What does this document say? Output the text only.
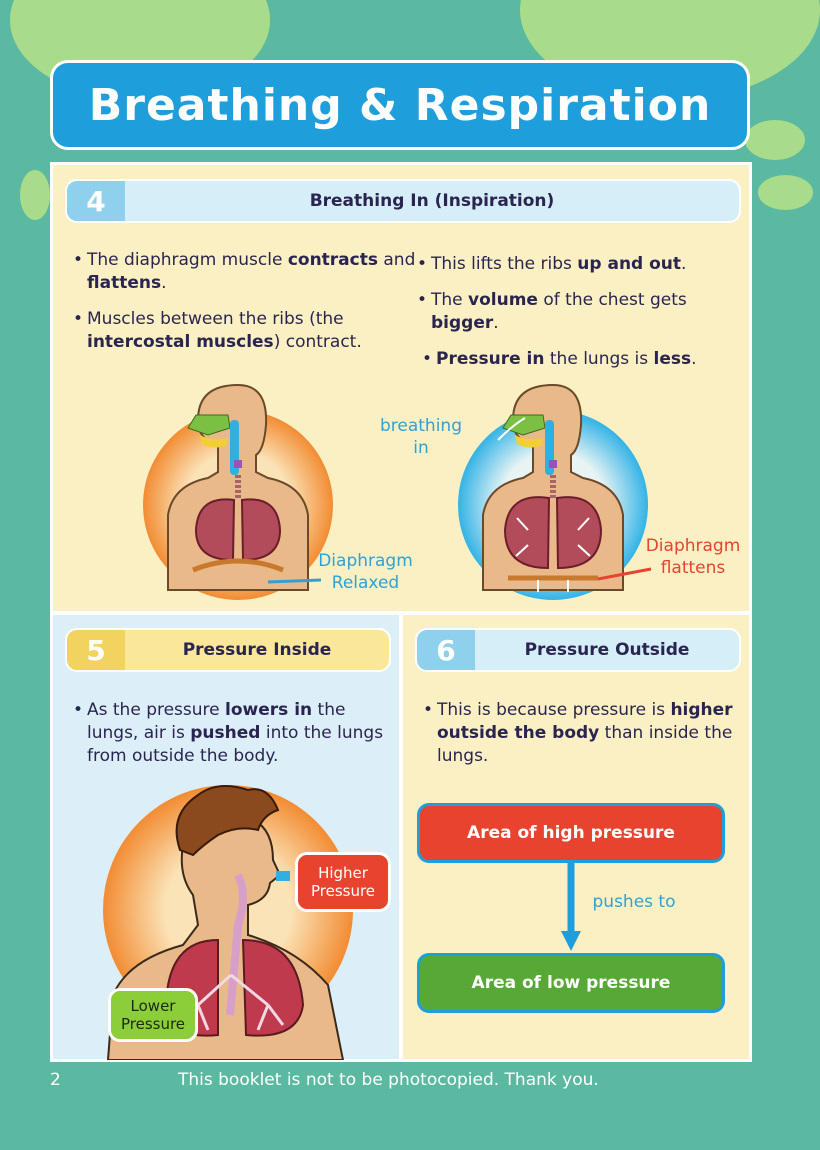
Breathing & Respiration
4	Breathing In (Inspiration)
• The diaphragm muscle contracts and flattens.
• Muscles between the ribs (the intercostal muscles) contract.
• This lifts the ribs up and out.
• The volume of the chest gets bigger.
• Pressure in the lungs is less.
breathing
in
Diaphragm
Relaxed
Diaphragm
flattens
5	Pressure Inside
• As the pressure lowers in the lungs, air is pushed into the lungs from outside the body.
Higher
Pressure
Lower
Pressure
6	Pressure Outside
• This is because pressure is higher outside the body than inside the lungs.
Area of high pressure
pushes to
Area of low pressure
2	This booklet is not to be photocopied. Thank you.
